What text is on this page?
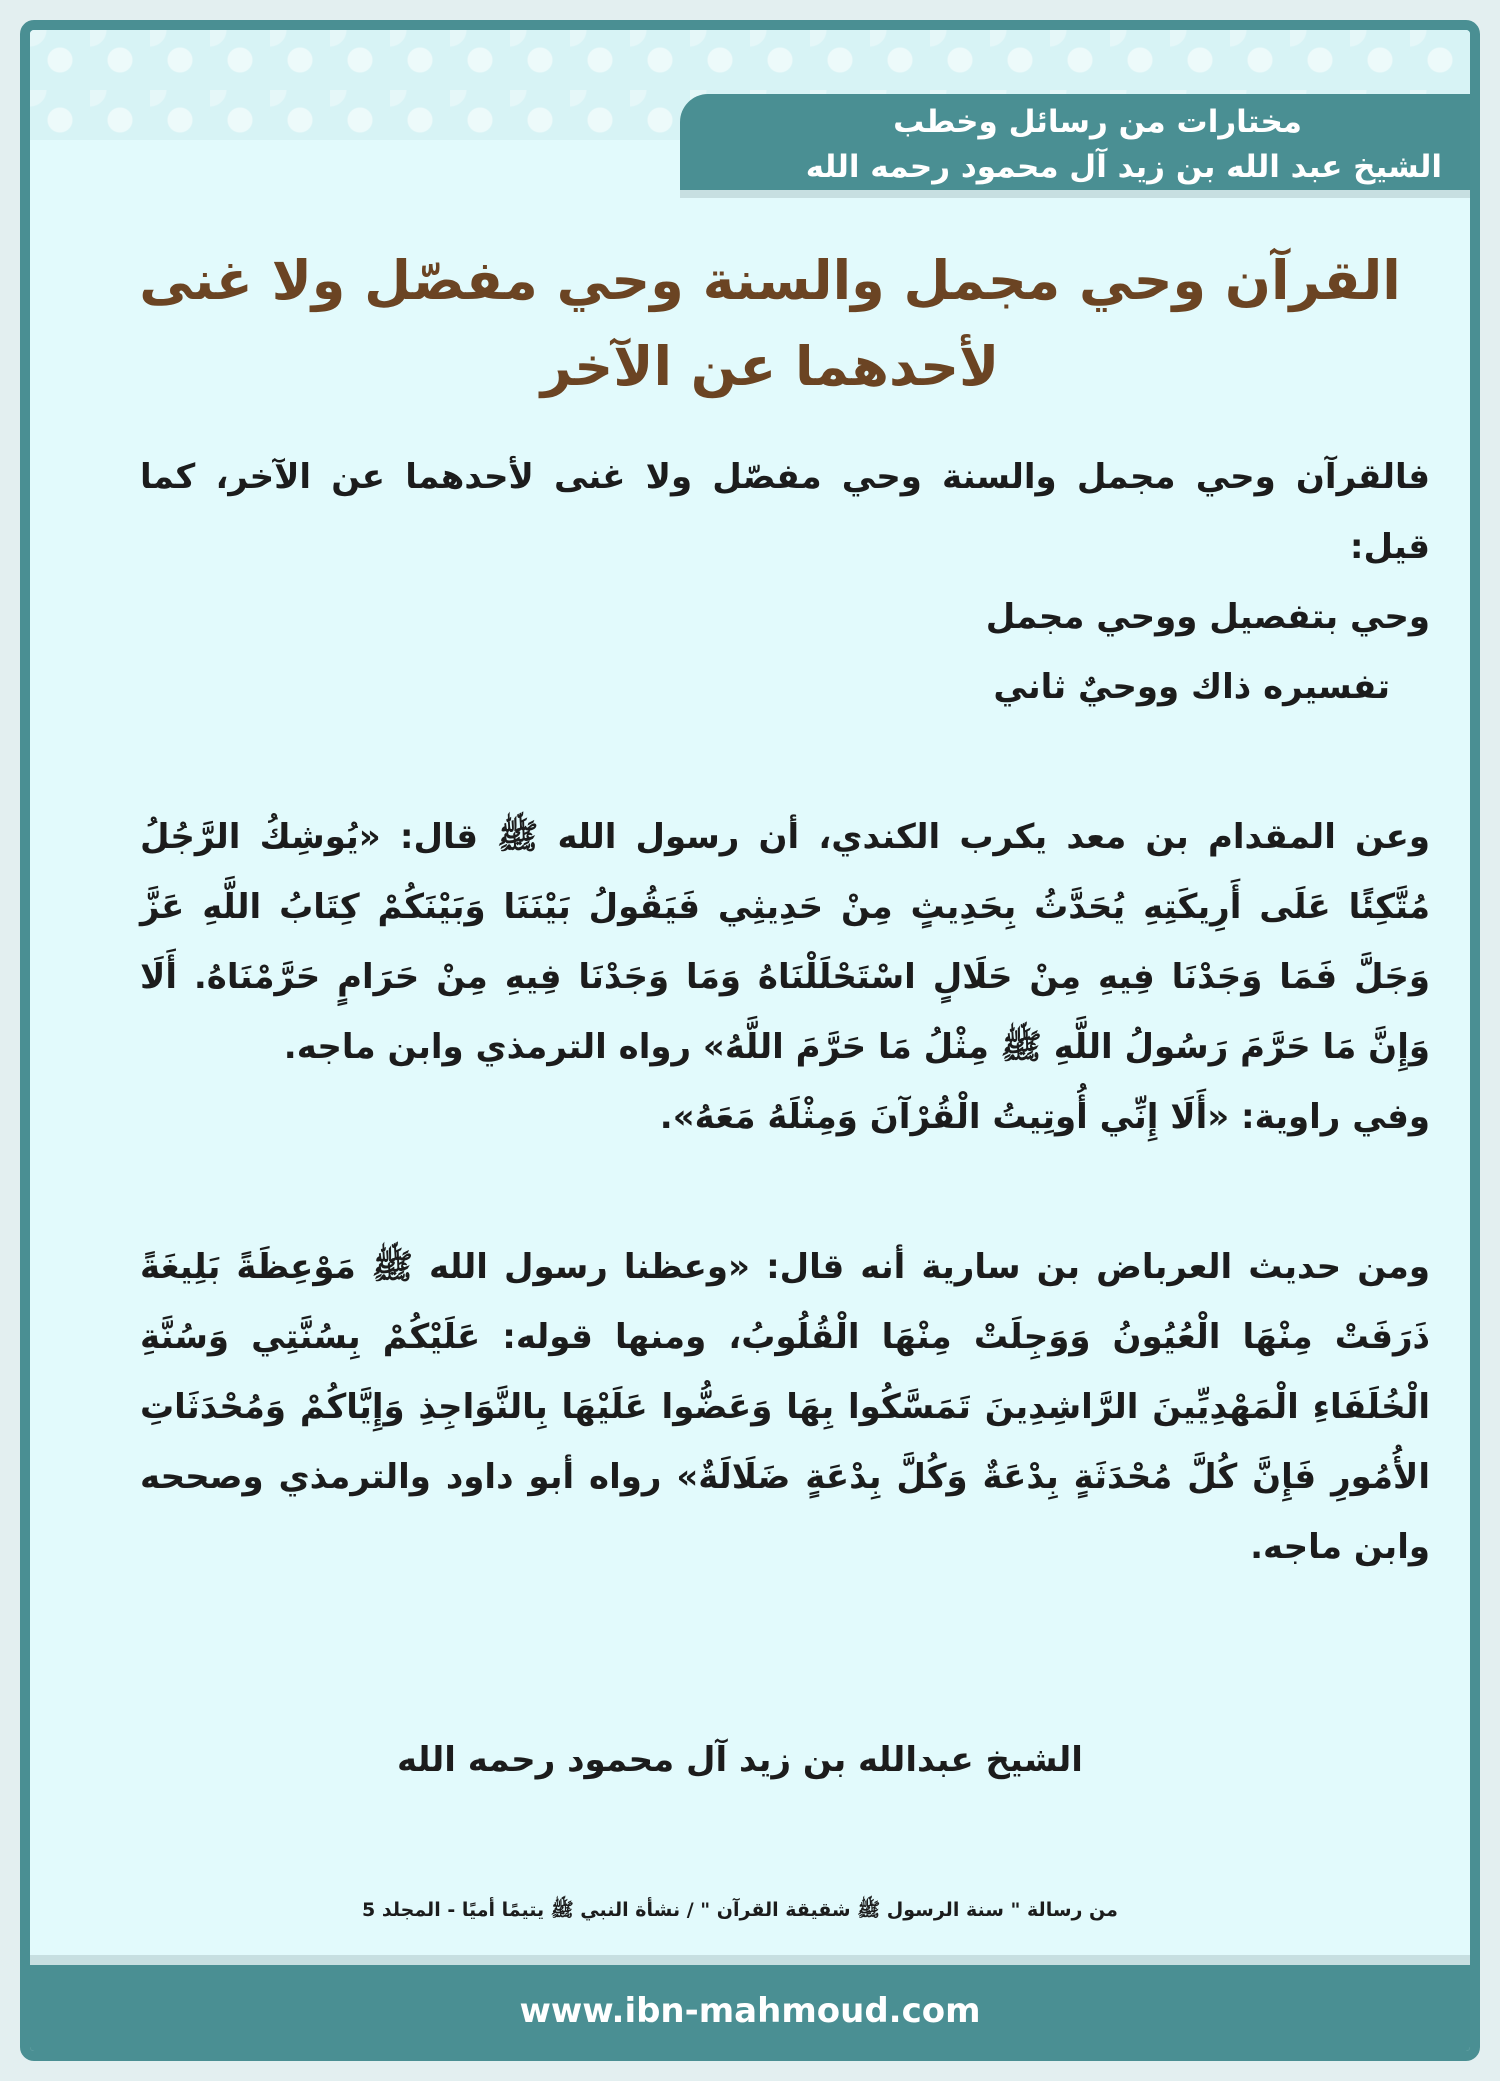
مختارات من رسائل وخطب
الشيخ عبد الله بن زيد آل محمود رحمه الله
القرآن وحي مجمل والسنة وحي مفصّل ولا غنى لأحدهما عن الآخر

فالقرآن وحي مجمل والسنة وحي مفصّل ولا غنى لأحدهما عن الآخر، كما قيل:

وحي بتفصيل ووحي مجمل

تفسيره ذاك ووحيٌ ثاني

وعن المقدام بن معد يكرب الكندي، أن رسول الله ﷺ قال: «يُوشِكُ الرَّجُلُ مُتَّكِئًا عَلَى أَرِيكَتِهِ يُحَدَّثُ بِحَدِيثٍ مِنْ حَدِيثِي فَيَقُولُ بَيْنَنَا وَبَيْنَكُمْ كِتَابُ اللَّهِ عَزَّ وَجَلَّ فَمَا وَجَدْنَا فِيهِ مِنْ حَلَالٍ اسْتَحْلَلْنَاهُ وَمَا وَجَدْنَا فِيهِ مِنْ حَرَامٍ حَرَّمْنَاهُ. أَلَا وَإِنَّ مَا حَرَّمَ رَسُولُ اللَّهِ ﷺ مِثْلُ مَا حَرَّمَ اللَّهُ» رواه الترمذي وابن ماجه.

وفي راوية: «أَلَا إِنِّي أُوتِيتُ الْقُرْآنَ وَمِثْلَهُ مَعَهُ».

ومن حديث العرباض بن سارية أنه قال: «وعظنا رسول الله ﷺ مَوْعِظَةً بَلِيغَةً ذَرَفَتْ مِنْهَا الْعُيُونُ وَوَجِلَتْ مِنْهَا الْقُلُوبُ، ومنها قوله: عَلَيْكُمْ بِسُنَّتِي وَسُنَّةِ الْخُلَفَاءِ الْمَهْدِيِّينَ الرَّاشِدِينَ تَمَسَّكُوا بِهَا وَعَضُّوا عَلَيْهَا بِالنَّوَاجِذِ وَإِيَّاكُمْ وَمُحْدَثَاتِ الأُمُورِ فَإِنَّ كُلَّ مُحْدَثَةٍ بِدْعَةٌ وَكُلَّ بِدْعَةٍ ضَلَالَةٌ» رواه أبو داود والترمذي وصححه وابن ماجه.

الشيخ عبدالله بن زيد آل محمود رحمه الله
من رسالة " سنة الرسول ﷺ شقيقة القرآن " / نشأة النبي ﷺ يتيمًا أميًا - المجلد 5
www.ibn-mahmoud.com
